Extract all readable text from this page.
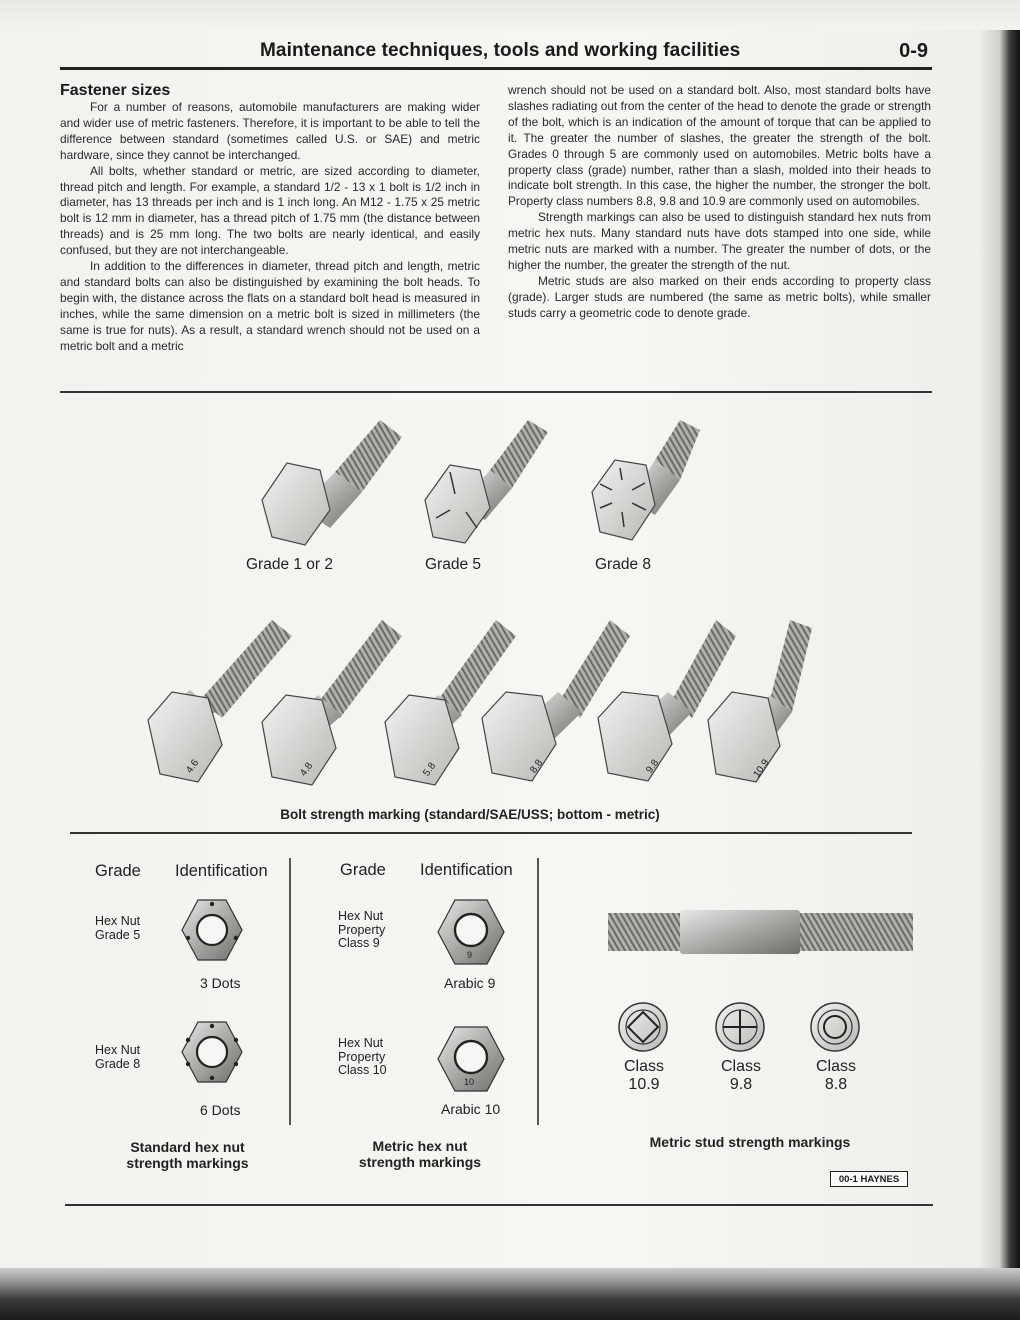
Maintenance techniques, tools and working facilities	0-9
Fastener sizes

For a number of reasons, automobile manufacturers are making wider and wider use of metric fasteners. Therefore, it is important to be able to tell the difference between standard (sometimes called U.S. or SAE) and metric hardware, since they cannot be interchanged.

All bolts, whether standard or metric, are sized according to diameter, thread pitch and length. For example, a standard 1/2 - 13 x 1 bolt is 1/2 inch in diameter, has 13 threads per inch and is 1 inch long. An M12 - 1.75 x 25 metric bolt is 12 mm in diameter, has a thread pitch of 1.75 mm (the distance between threads) and is 25 mm long. The two bolts are nearly identical, and easily confused, but they are not interchangeable.

In addition to the differences in diameter, thread pitch and length, metric and standard bolts can also be distinguished by examining the bolt heads. To begin with, the distance across the flats on a standard bolt head is measured in inches, while the same dimension on a metric bolt is sized in millimeters (the same is true for nuts). As a result, a standard wrench should not be used on a metric bolt and a metric

wrench should not be used on a standard bolt. Also, most standard bolts have slashes radiating out from the center of the head to denote the grade or strength of the bolt, which is an indication of the amount of torque that can be applied to it. The greater the number of slashes, the greater the strength of the bolt. Grades 0 through 5 are commonly used on automobiles. Metric bolts have a property class (grade) number, rather than a slash, molded into their heads to indicate bolt strength. In this case, the higher the number, the stronger the bolt. Property class numbers 8.8, 9.8 and 10.9 are commonly used on automobiles.

Strength markings can also be used to distinguish standard hex nuts from metric hex nuts. Many standard nuts have dots stamped into one side, while metric nuts are marked with a number. The greater the number of dots, or the higher the number, the greater the strength of the nut.

Metric studs are also marked on their ends according to property class (grade). Larger studs are numbered (the same as metric bolts), while smaller studs carry a geometric code to denote grade.

4.6	4.8	5.8	8.8	9.8	10.9
Grade 1 or 2	Grade 5	Grade 8
Bolt strength marking (standard/SAE/USS; bottom - metric)
Grade Identification
Hex Nut
Grade 5
3 Dots
Hex Nut
Grade 8
6 Dots
Standard hex nut
strength markings
Grade Identification
Hex Nut
Property
Class 9
9
Arabic 9
Hex Nut
Property
Class 10
10
Arabic 10
Metric hex nut
strength markings
Class
10.9
Class
9.8
Class
8.8
Metric stud strength markings
00-1 HAYNES
